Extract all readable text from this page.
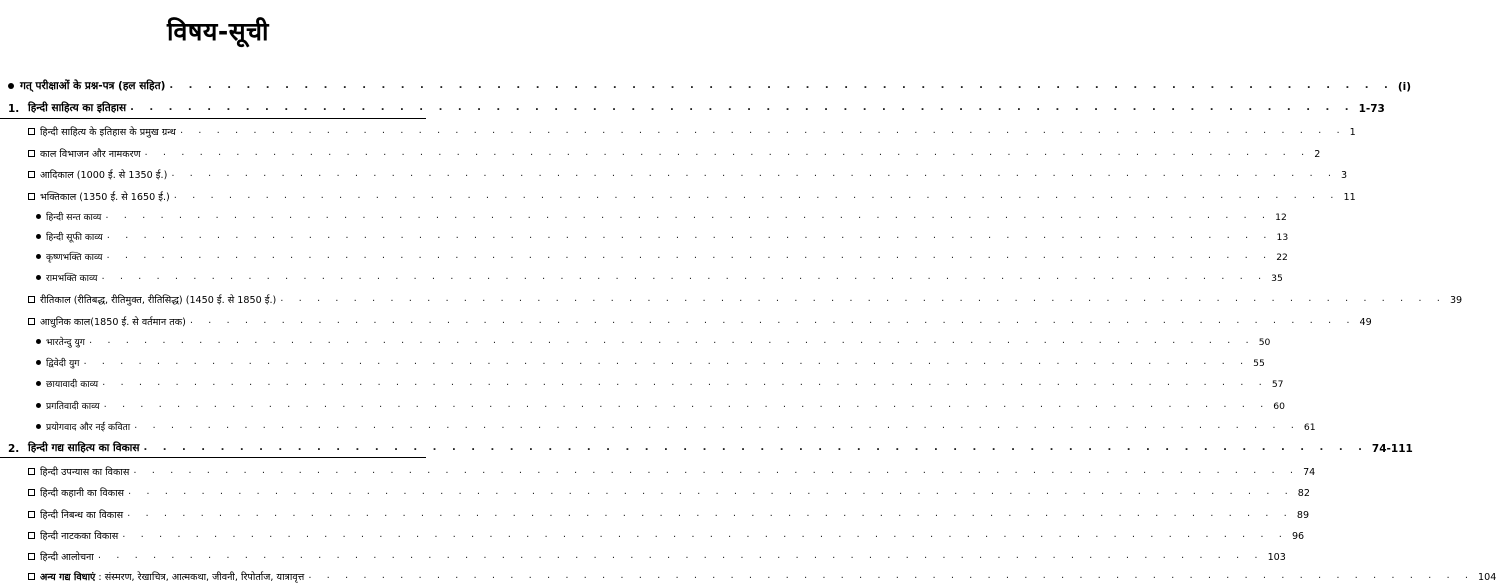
विषय-सूची
गत् परीक्षाओं के प्रश्न-पत्र (हल सहित) . . . . . . . . . . . . . . . . . . . . . . . . . . . . . . . . . . . . . . . . . . . . . . . . . . . . . . . . . . . . . . . . (i)
1. हिन्दी साहित्य का इतिहास . . . . . . . . . . . . . . . . . . . . . . . . . . . . . . . . . . . . . . . . . . . . . . . . . . . . . . . . . . . . . . . . 1-73
हिन्दी साहित्य के इतिहास के प्रमुख ग्रन्थ . . . . . . . . . . . . . . . . . . . . . . . . . . . . . . . . . . . . . . . . . . . . . . . . . . . . . . . . . . . . . . . . 1
काल विभाजन और नामकरण . . . . . . . . . . . . . . . . . . . . . . . . . . . . . . . . . . . . . . . . . . . . . . . . . . . . . . . . . . . . . . . . 2
आदिकाल (1000 ई. से 1350 ई.) . . . . . . . . . . . . . . . . . . . . . . . . . . . . . . . . . . . . . . . . . . . . . . . . . . . . . . . . . . . . . . . . 3
भक्तिकाल (1350 ई. से 1650 ई.) . . . . . . . . . . . . . . . . . . . . . . . . . . . . . . . . . . . . . . . . . . . . . . . . . . . . . . . . . . . . . . . . 11
हिन्दी सन्त काव्य . . . . . . . . . . . . . . . . . . . . . . . . . . . . . . . . . . . . . . . . . . . . . . . . . . . . . . . . . . . . . . . . 12
हिन्दी सूफी काव्य . . . . . . . . . . . . . . . . . . . . . . . . . . . . . . . . . . . . . . . . . . . . . . . . . . . . . . . . . . . . . . . . 13
कृष्णभक्ति काव्य . . . . . . . . . . . . . . . . . . . . . . . . . . . . . . . . . . . . . . . . . . . . . . . . . . . . . . . . . . . . . . . . 22
रामभक्ति काव्य . . . . . . . . . . . . . . . . . . . . . . . . . . . . . . . . . . . . . . . . . . . . . . . . . . . . . . . . . . . . . . . . 35
रीतिकाल (रीतिबद्ध, रीतिमुक्त, रीतिसिद्ध) (1450 ई. से 1850 ई.) . . . . . . . . . . . . . . . . . . . . . . . . . . . . . . . . . . . . . . . . . . . . . . . . . . . . . . . . . . . . . . . . 39
आधुनिक काल(1850 ई. से वर्तमान तक) . . . . . . . . . . . . . . . . . . . . . . . . . . . . . . . . . . . . . . . . . . . . . . . . . . . . . . . . . . . . . . . . 49
भारतेन्दु युग . . . . . . . . . . . . . . . . . . . . . . . . . . . . . . . . . . . . . . . . . . . . . . . . . . . . . . . . . . . . . . . . 50
द्विवेदी युग . . . . . . . . . . . . . . . . . . . . . . . . . . . . . . . . . . . . . . . . . . . . . . . . . . . . . . . . . . . . . . . . 55
छायावादी काव्य . . . . . . . . . . . . . . . . . . . . . . . . . . . . . . . . . . . . . . . . . . . . . . . . . . . . . . . . . . . . . . . . 57
प्रगतिवादी काव्य . . . . . . . . . . . . . . . . . . . . . . . . . . . . . . . . . . . . . . . . . . . . . . . . . . . . . . . . . . . . . . . . 60
प्रयोगवाद और नई कविता . . . . . . . . . . . . . . . . . . . . . . . . . . . . . . . . . . . . . . . . . . . . . . . . . . . . . . . . . . . . . . . . 61
2. हिन्दी गद्य साहित्य का विकास . . . . . . . . . . . . . . . . . . . . . . . . . . . . . . . . . . . . . . . . . . . . . . . . . . . . . . . . . . . . . . . . 74-111
हिन्दी उपन्यास का विकास . . . . . . . . . . . . . . . . . . . . . . . . . . . . . . . . . . . . . . . . . . . . . . . . . . . . . . . . . . . . . . . . 74
हिन्दी कहानी का विकास . . . . . . . . . . . . . . . . . . . . . . . . . . . . . . . . . . . . . . . . . . . . . . . . . . . . . . . . . . . . . . . . 82
हिन्दी निबन्ध का विकास . . . . . . . . . . . . . . . . . . . . . . . . . . . . . . . . . . . . . . . . . . . . . . . . . . . . . . . . . . . . . . . . 89
हिन्दी नाटकका विकास . . . . . . . . . . . . . . . . . . . . . . . . . . . . . . . . . . . . . . . . . . . . . . . . . . . . . . . . . . . . . . . . 96
हिन्दी आलोचना . . . . . . . . . . . . . . . . . . . . . . . . . . . . . . . . . . . . . . . . . . . . . . . . . . . . . . . . . . . . . . . . 103
अन्य गद्य विधाएं : संस्मरण, रेखाचित्र, आत्मकथा, जीवनी, रिपोर्ताज, यात्रावृत्त . . . . . . . . . . . . . . . . . . . . . . . . . . . . . . . . . . . . . . . . . . . . . . . . . . . . . . . . . . . . . . . . 104
